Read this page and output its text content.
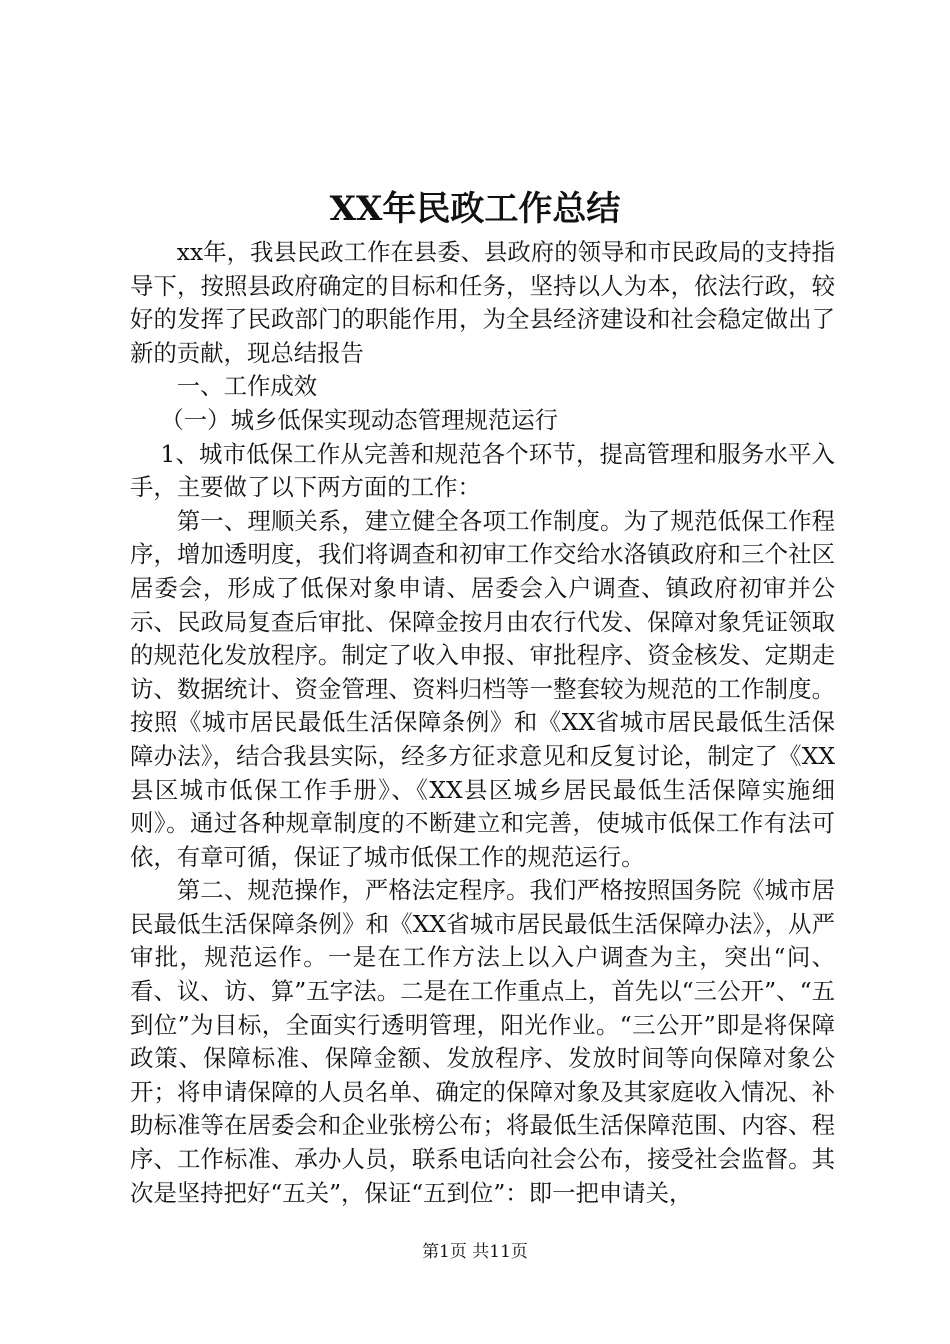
XX年民政工作总结

xx年，我县民政工作在县委、县政府的领导和市民政局的支持指导下，按照县政府确定的目标和任务，坚持以人为本，依法行政，较好的发挥了民政部门的职能作用，为全县经济建设和社会稳定做出了新的贡献，现总结报告

一、工作成效

（一）城乡低保实现动态管理规范运行

1、城市低保工作从完善和规范各个环节，提高管理和服务水平入手，主要做了以下两方面的工作：

第一、理顺关系，建立健全各项工作制度。为了规范低保工作程序，增加透明度，我们将调查和初审工作交给水洛镇政府和三个社区居委会，形成了低保对象申请、居委会入户调查、镇政府初审并公示、民政局复查后审批、保障金按月由农行代发、保障对象凭证领取的规范化发放程序。制定了收入申报、审批程序、资金核发、定期走访、数据统计、资金管理、资料归档等一整套较为规范的工作制度。按照《城市居民最低生活保障条例》和《XX省城市居民最低生活保障办法》，结合我县实际，经多方征求意见和反复讨论，制定了《XX县区城市低保工作手册》、《XX县区城乡居民最低生活保障实施细则》。通过各种规章制度的不断建立和完善，使城市低保工作有法可依，有章可循，保证了城市低保工作的规范运行。

第二、规范操作，严格法定程序。我们严格按照国务院《城市居民最低生活保障条例》和《XX省城市居民最低生活保障办法》，从严审批，规范运作。一是在工作方法上以入户调查为主，突出“问、看、议、访、算”五字法。二是在工作重点上，首先以“三公开”、“五到位”为目标，全面实行透明管理，阳光作业。“三公开”即是将保障政策、保障标准、保障金额、发放程序、发放时间等向保障对象公开；将申请保障的人员名单、确定的保障对象及其家庭收入情况、补助标准等在居委会和企业张榜公布；将最低生活保障范围、内容、程序、工作标准、承办人员，联系电话向社会公布，接受社会监督。其次是坚持把好“五关”，保证“五到位”：即一把申请关，

第1页 共11页
